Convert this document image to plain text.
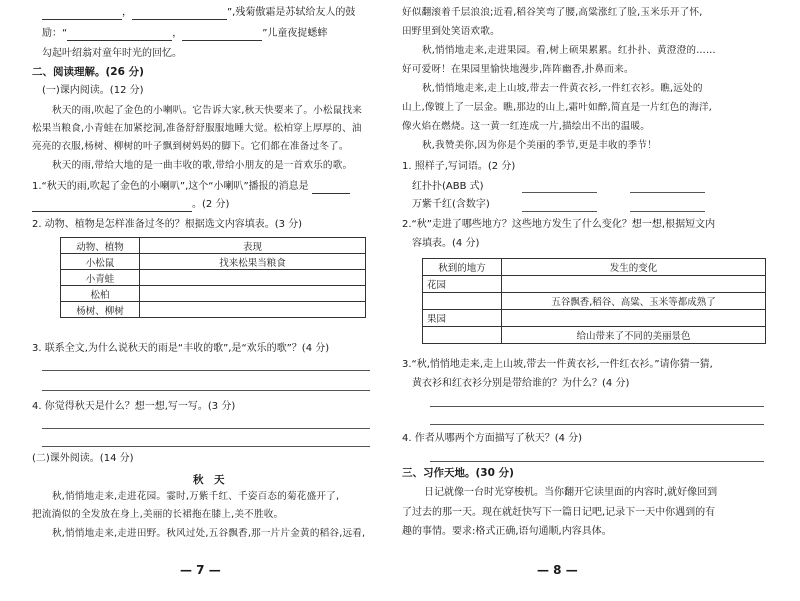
，	”,残菊傲霜是苏轼给友人的鼓
励：“	，	”儿童夜捉蟋蟀
勾起叶绍翁对童年时光的回忆。
二、阅读理解。(26 分)
(一)课内阅读。(12 分)
秋天的雨,吹起了金色的小喇叭。它告诉大家,秋天快要来了。小松鼠找来
松果当粮食,小青蛙在加紧挖洞,准备舒舒服服地睡大觉。松柏穿上厚厚的、油
亮亮的衣服,杨树、柳树的叶子飘到树妈妈的脚下。它们都在准备过冬了。
秋天的雨,带给大地的是一曲丰收的歌,带给小朋友的是一首欢乐的歌。
1.“秋天的雨,吹起了金色的小喇叭”,这个“小喇叭”播报的消息是
。(2 分)
2. 动物、植物是怎样准备过冬的？根据选文内容填表。(3 分)
动物、植物	表现
小松鼠	找来松果当粮食
小青蛙	
松柏	
杨树、柳树	
3. 联系全文,为什么说秋天的雨是“丰收的歌”,是“欢乐的歌”？(4 分)
4. 你觉得秋天是什么？想一想,写一写。(3 分)
(二)课外阅读。(14 分)
秋　天
秋,悄悄地走来,走进花园。霎时,万紫千红、千姿百态的菊花盛开了,
把流淌似的全发放在身上,美丽的长裙拖在膝上,美不胜收。
秋,悄悄地走来,走进田野。秋风过处,五谷飘香,那一片片金黄的稻谷,远看,
— 7 —
好似翻滚着千层浪浪;近看,稻谷笑弯了腰,高粱涨红了脸,玉米乐开了怀,
田野里到处笑语欢歌。
秋,悄悄地走来,走进果园。看,树上硕果累累。红扑扑、黄澄澄的……
好可爱呀！在果园里愉快地漫步,阵阵幽香,扑鼻而来。
秋,悄悄地走来,走上山坡,带去一件黄衣衫,一件红衣衫。瞧,远处的
山上,像镀上了一层金。瞧,那边的山上,霜叶如醉,简直是一片红色的海洋,
像火焰在燃烧。这一黄一红连成一片,描绘出不出的温暖。
秋,我赞美你,因为你是个美丽的季节,更是丰收的季节！
1. 照样子,写词语。(2 分)
红扑扑(ABB 式)
万紫千红(含数字)
2.“秋”走进了哪些地方？这些地方发生了什么变化？想一想,根据短文内
容填表。(4 分)
秋到的地方	发生的变化
花园	
	五谷飘香,稻谷、高粱、玉米等都成熟了
果园	
	给山带来了不同的美丽景色
3.“秋,悄悄地走来,走上山坡,带去一件黄衣衫,一件红衣衫。”请你猜一猜,
黄衣衫和红衣衫分别是带给谁的？为什么？(4 分)
4. 作者从哪两个方面描写了秋天？(4 分)
三、习作天地。(30 分)
日记就像一台时光穿梭机。当你翻开它读里面的内容时,就好像回到
了过去的那一天。现在就赶快写下一篇日记吧,记录下一天中你遇到的有
趣的事情。要求:格式正确,语句通顺,内容具体。
— 8 —
